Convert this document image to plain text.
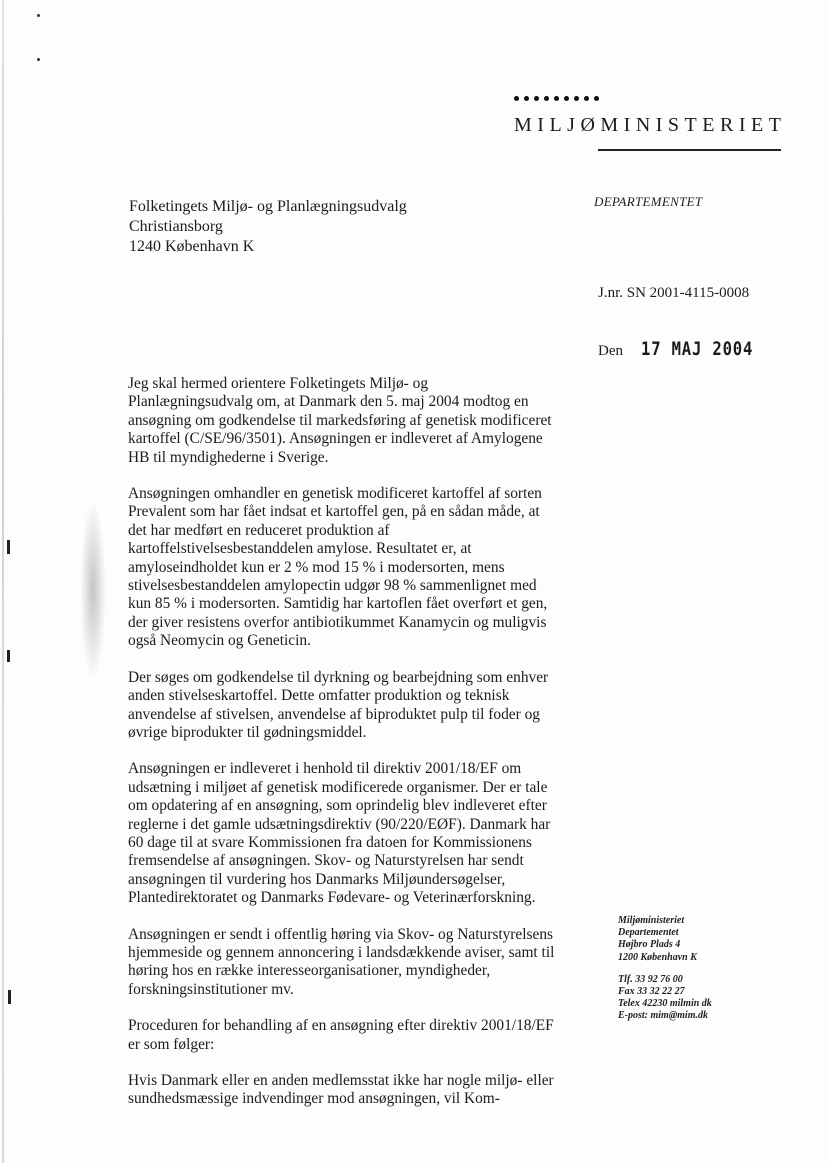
MILJØMINISTERIET
Folketingets Miljø- og Planlægningsudvalg
Christiansborg
1240 København K
DEPARTEMENTET
J.nr. SN 2001-4115-0008
Den 17 MAJ 2004

Jeg skal hermed orientere Folketingets Miljø- og Planlægningsudvalg om, at Danmark den 5. maj 2004 modtog en ansøgning om godkendelse til markedsføring af genetisk modificeret kartoffel (C/SE/96/3501). Ansøgningen er indleveret af Amylogene HB til myndighederne i Sverige.

Ansøgningen omhandler en genetisk modificeret kartoffel af sorten Prevalent som har fået indsat et kartoffel gen, på en sådan måde, at det har medført en reduceret produktion af kartoffelstivelsesbestanddelen amylose. Resultatet er, at amyloseindholdet kun er 2 % mod 15 % i modersorten, mens stivelsesbestanddelen amylopectin udgør 98 % sammenlignet med kun 85 % i modersorten. Samtidig har kartoflen fået overført et gen, der giver resistens overfor antibiotikummet Kanamycin og muligvis også Neomycin og Geneticin.

Der søges om godkendelse til dyrkning og bearbejdning som enhver anden stivelseskartoffel. Dette omfatter produktion og teknisk anvendelse af stivelsen, anvendelse af biproduktet pulp til foder og øvrige biprodukter til gødningsmiddel.

Ansøgningen er indleveret i henhold til direktiv 2001/18/EF om udsætning i miljøet af genetisk modificerede organismer. Der er tale om opdatering af en ansøgning, som oprindelig blev indleveret efter reglerne i det gamle udsætningsdirektiv (90/220/EØF). Danmark har 60 dage til at svare Kommissionen fra datoen for Kommissionens fremsendelse af ansøgningen. Skov- og Naturstyrelsen har sendt ansøgningen til vurdering hos Danmarks Miljøundersøgelser, Plantedirektoratet og Danmarks Fødevare- og Veterinærforskning.

Ansøgningen er sendt i offentlig høring via Skov- og Naturstyrelsens hjemmeside og gennem annoncering i landsdækkende aviser, samt til høring hos en række interesseorganisationer, myndigheder, forskningsinstitutioner mv.

Proceduren for behandling af en ansøgning efter direktiv 2001/18/EF er som følger:

Hvis Danmark eller en anden medlemsstat ikke har nogle miljø- eller sundhedsmæssige indvendinger mod ansøgningen, vil Kom-

Miljøministeriet
Departementet
Højbro Plads 4
1200 København K
Tlf. 33 92 76 00
Fax 33 32 22 27
Telex 42230 milmin dk
E-post: mim@mim.dk
